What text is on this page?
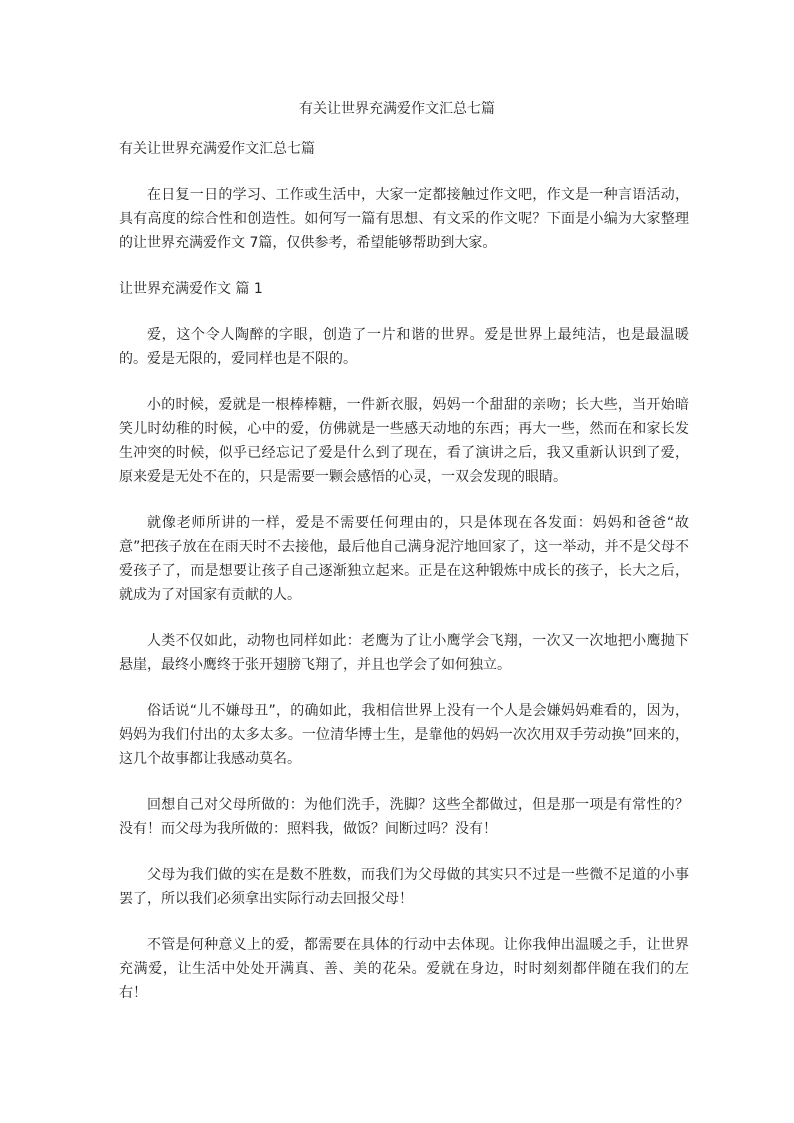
有关让世界充满爱作文汇总七篇

有关让世界充满爱作文汇总七篇

在日复一日的学习、工作或生活中，大家一定都接触过作文吧，作文是一种言语活动，具有高度的综合性和创造性。如何写一篇有思想、有文采的作文呢？下面是小编为大家整理的让世界充满爱作文 7篇，仅供参考，希望能够帮助到大家。

让世界充满爱作文 篇 1

爱，这个令人陶醉的字眼，创造了一片和谐的世界。爱是世界上最纯洁，也是最温暖的。爱是无限的，爱同样也是不限的。

小的时候，爱就是一根棒棒糖，一件新衣服，妈妈一个甜甜的亲吻；长大些，当开始暗笑儿时幼稚的时候，心中的爱，仿佛就是一些感天动地的东西；再大一些，然而在和家长发生冲突的时候，似乎已经忘记了爱是什么到了现在，看了演讲之后，我又重新认识到了爱，原来爱是无处不在的，只是需要一颗会感悟的心灵，一双会发现的眼睛。

就像老师所讲的一样，爱是不需要任何理由的，只是体现在各发面：妈妈和爸爸“故意”把孩子放在在雨天时不去接他，最后他自己满身泥泞地回家了，这一举动，并不是父母不爱孩子了，而是想要让孩子自己逐渐独立起来。正是在这种锻炼中成长的孩子，长大之后，就成为了对国家有贡献的人。

人类不仅如此，动物也同样如此：老鹰为了让小鹰学会飞翔，一次又一次地把小鹰抛下悬崖，最终小鹰终于张开翅膀飞翔了，并且也学会了如何独立。

俗话说“儿不嫌母丑”，的确如此，我相信世界上没有一个人是会嫌妈妈难看的，因为，妈妈为我们付出的太多太多。一位清华博士生，是靠他的妈妈一次次用双手劳动换”回来的，这几个故事都让我感动莫名。

回想自己对父母所做的：为他们洗手，洗脚？这些全都做过，但是那一项是有常性的？没有！而父母为我所做的：照料我，做饭？间断过吗？没有！

父母为我们做的实在是数不胜数，而我们为父母做的其实只不过是一些微不足道的小事罢了，所以我们必须拿出实际行动去回报父母！

不管是何种意义上的爱，都需要在具体的行动中去体现。让你我伸出温暖之手，让世界充满爱，让生活中处处开满真、善、美的花朵。爱就在身边，时时刻刻都伴随在我们的左右！
